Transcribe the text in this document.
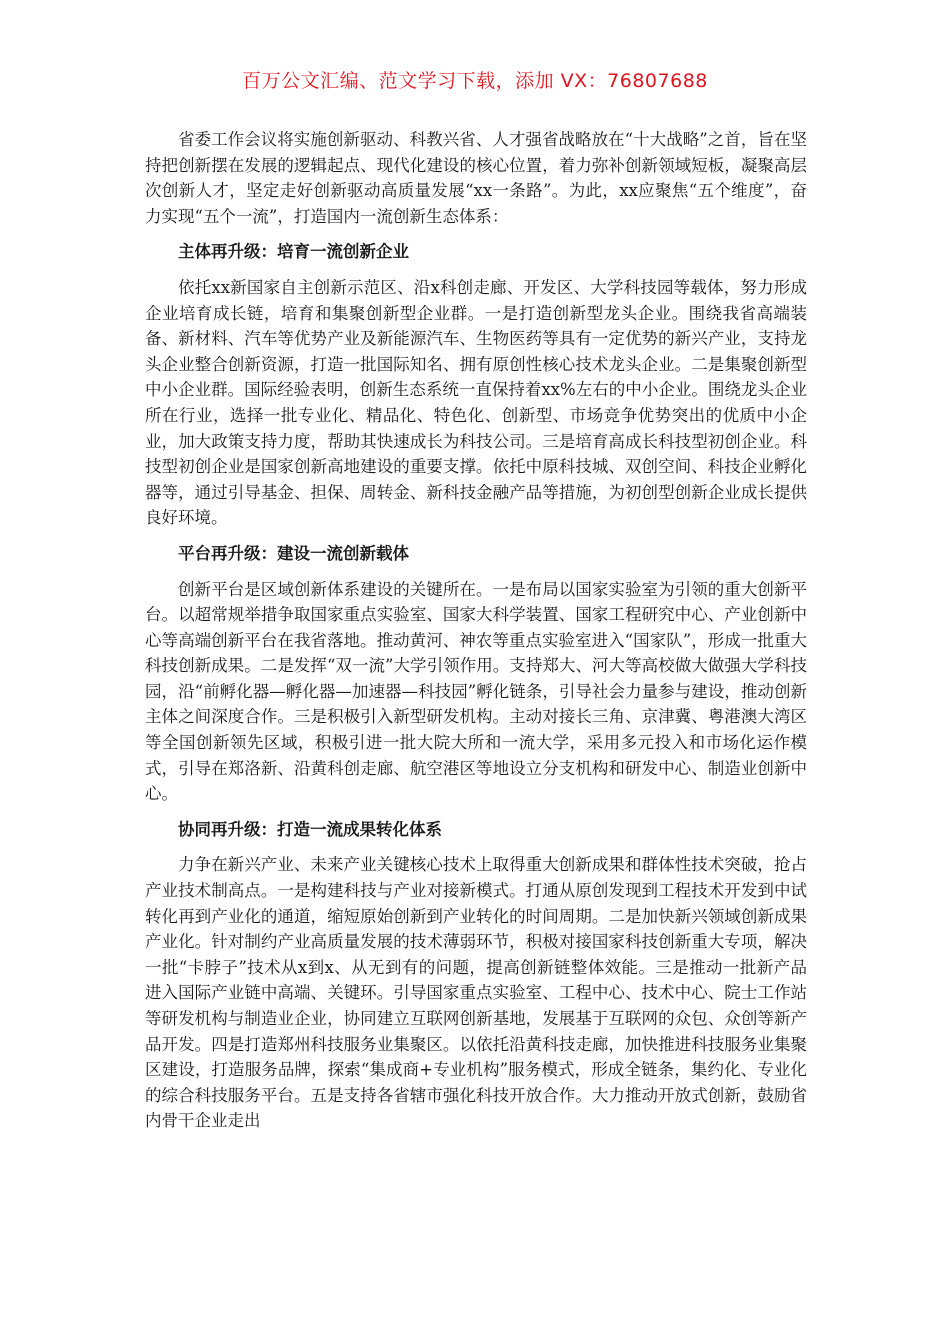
百万公文汇编、范文学习下载，添加 VX：76807688

省委工作会议将实施创新驱动、科教兴省、人才强省战略放在“十大战略”之首，旨在坚持把创新摆在发展的逻辑起点、现代化建设的核心位置，着力弥补创新领域短板，凝聚高层次创新人才，坚定走好创新驱动高质量发展“xx一条路”。为此，xx应聚焦“五个维度”，奋力实现“五个一流”，打造国内一流创新生态体系：

主体再升级：培育一流创新企业

依托xx新国家自主创新示范区、沿x科创走廊、开发区、大学科技园等载体，努力形成企业培育成长链，培育和集聚创新型企业群。一是打造创新型龙头企业。围绕我省高端装备、新材料、汽车等优势产业及新能源汽车、生物医药等具有一定优势的新兴产业，支持龙头企业整合创新资源，打造一批国际知名、拥有原创性核心技术龙头企业。二是集聚创新型中小企业群。国际经验表明，创新生态系统一直保持着xx%左右的中小企业。围绕龙头企业所在行业，选择一批专业化、精品化、特色化、创新型、市场竞争优势突出的优质中小企业，加大政策支持力度，帮助其快速成长为科技公司。三是培育高成长科技型初创企业。科技型初创企业是国家创新高地建设的重要支撑。依托中原科技城、双创空间、科技企业孵化器等，通过引导基金、担保、周转金、新科技金融产品等措施，为初创型创新企业成长提供良好环境。

平台再升级：建设一流创新载体

创新平台是区域创新体系建设的关键所在。一是布局以国家实验室为引领的重大创新平台。以超常规举措争取国家重点实验室、国家大科学装置、国家工程研究中心、产业创新中心等高端创新平台在我省落地。推动黄河、神农等重点实验室进入“国家队”，形成一批重大科技创新成果。二是发挥“双一流”大学引领作用。支持郑大、河大等高校做大做强大学科技园，沿“前孵化器—孵化器—加速器—科技园”孵化链条，引导社会力量参与建设，推动创新主体之间深度合作。三是积极引入新型研发机构。主动对接长三角、京津冀、粤港澳大湾区等全国创新领先区域，积极引进一批大院大所和一流大学，采用多元投入和市场化运作模式，引导在郑洛新、沿黄科创走廊、航空港区等地设立分支机构和研发中心、制造业创新中心。

协同再升级：打造一流成果转化体系

力争在新兴产业、未来产业关键核心技术上取得重大创新成果和群体性技术突破，抢占产业技术制高点。一是构建科技与产业对接新模式。打通从原创发现到工程技术开发到中试转化再到产业化的通道，缩短原始创新到产业转化的时间周期。二是加快新兴领域创新成果产业化。针对制约产业高质量发展的技术薄弱环节，积极对接国家科技创新重大专项，解决一批“卡脖子”技术从x到x、从无到有的问题，提高创新链整体效能。三是推动一批新产品进入国际产业链中高端、关键环。引导国家重点实验室、工程中心、技术中心、院士工作站等研发机构与制造业企业，协同建立互联网创新基地，发展基于互联网的众包、众创等新产品开发。四是打造郑州科技服务业集聚区。以依托沿黄科技走廊，加快推进科技服务业集聚区建设，打造服务品牌，探索“集成商+专业机构”服务模式，形成全链条，集约化、专业化的综合科技服务平台。五是支持各省辖市强化科技开放合作。大力推动开放式创新，鼓励省内骨干企业走出
